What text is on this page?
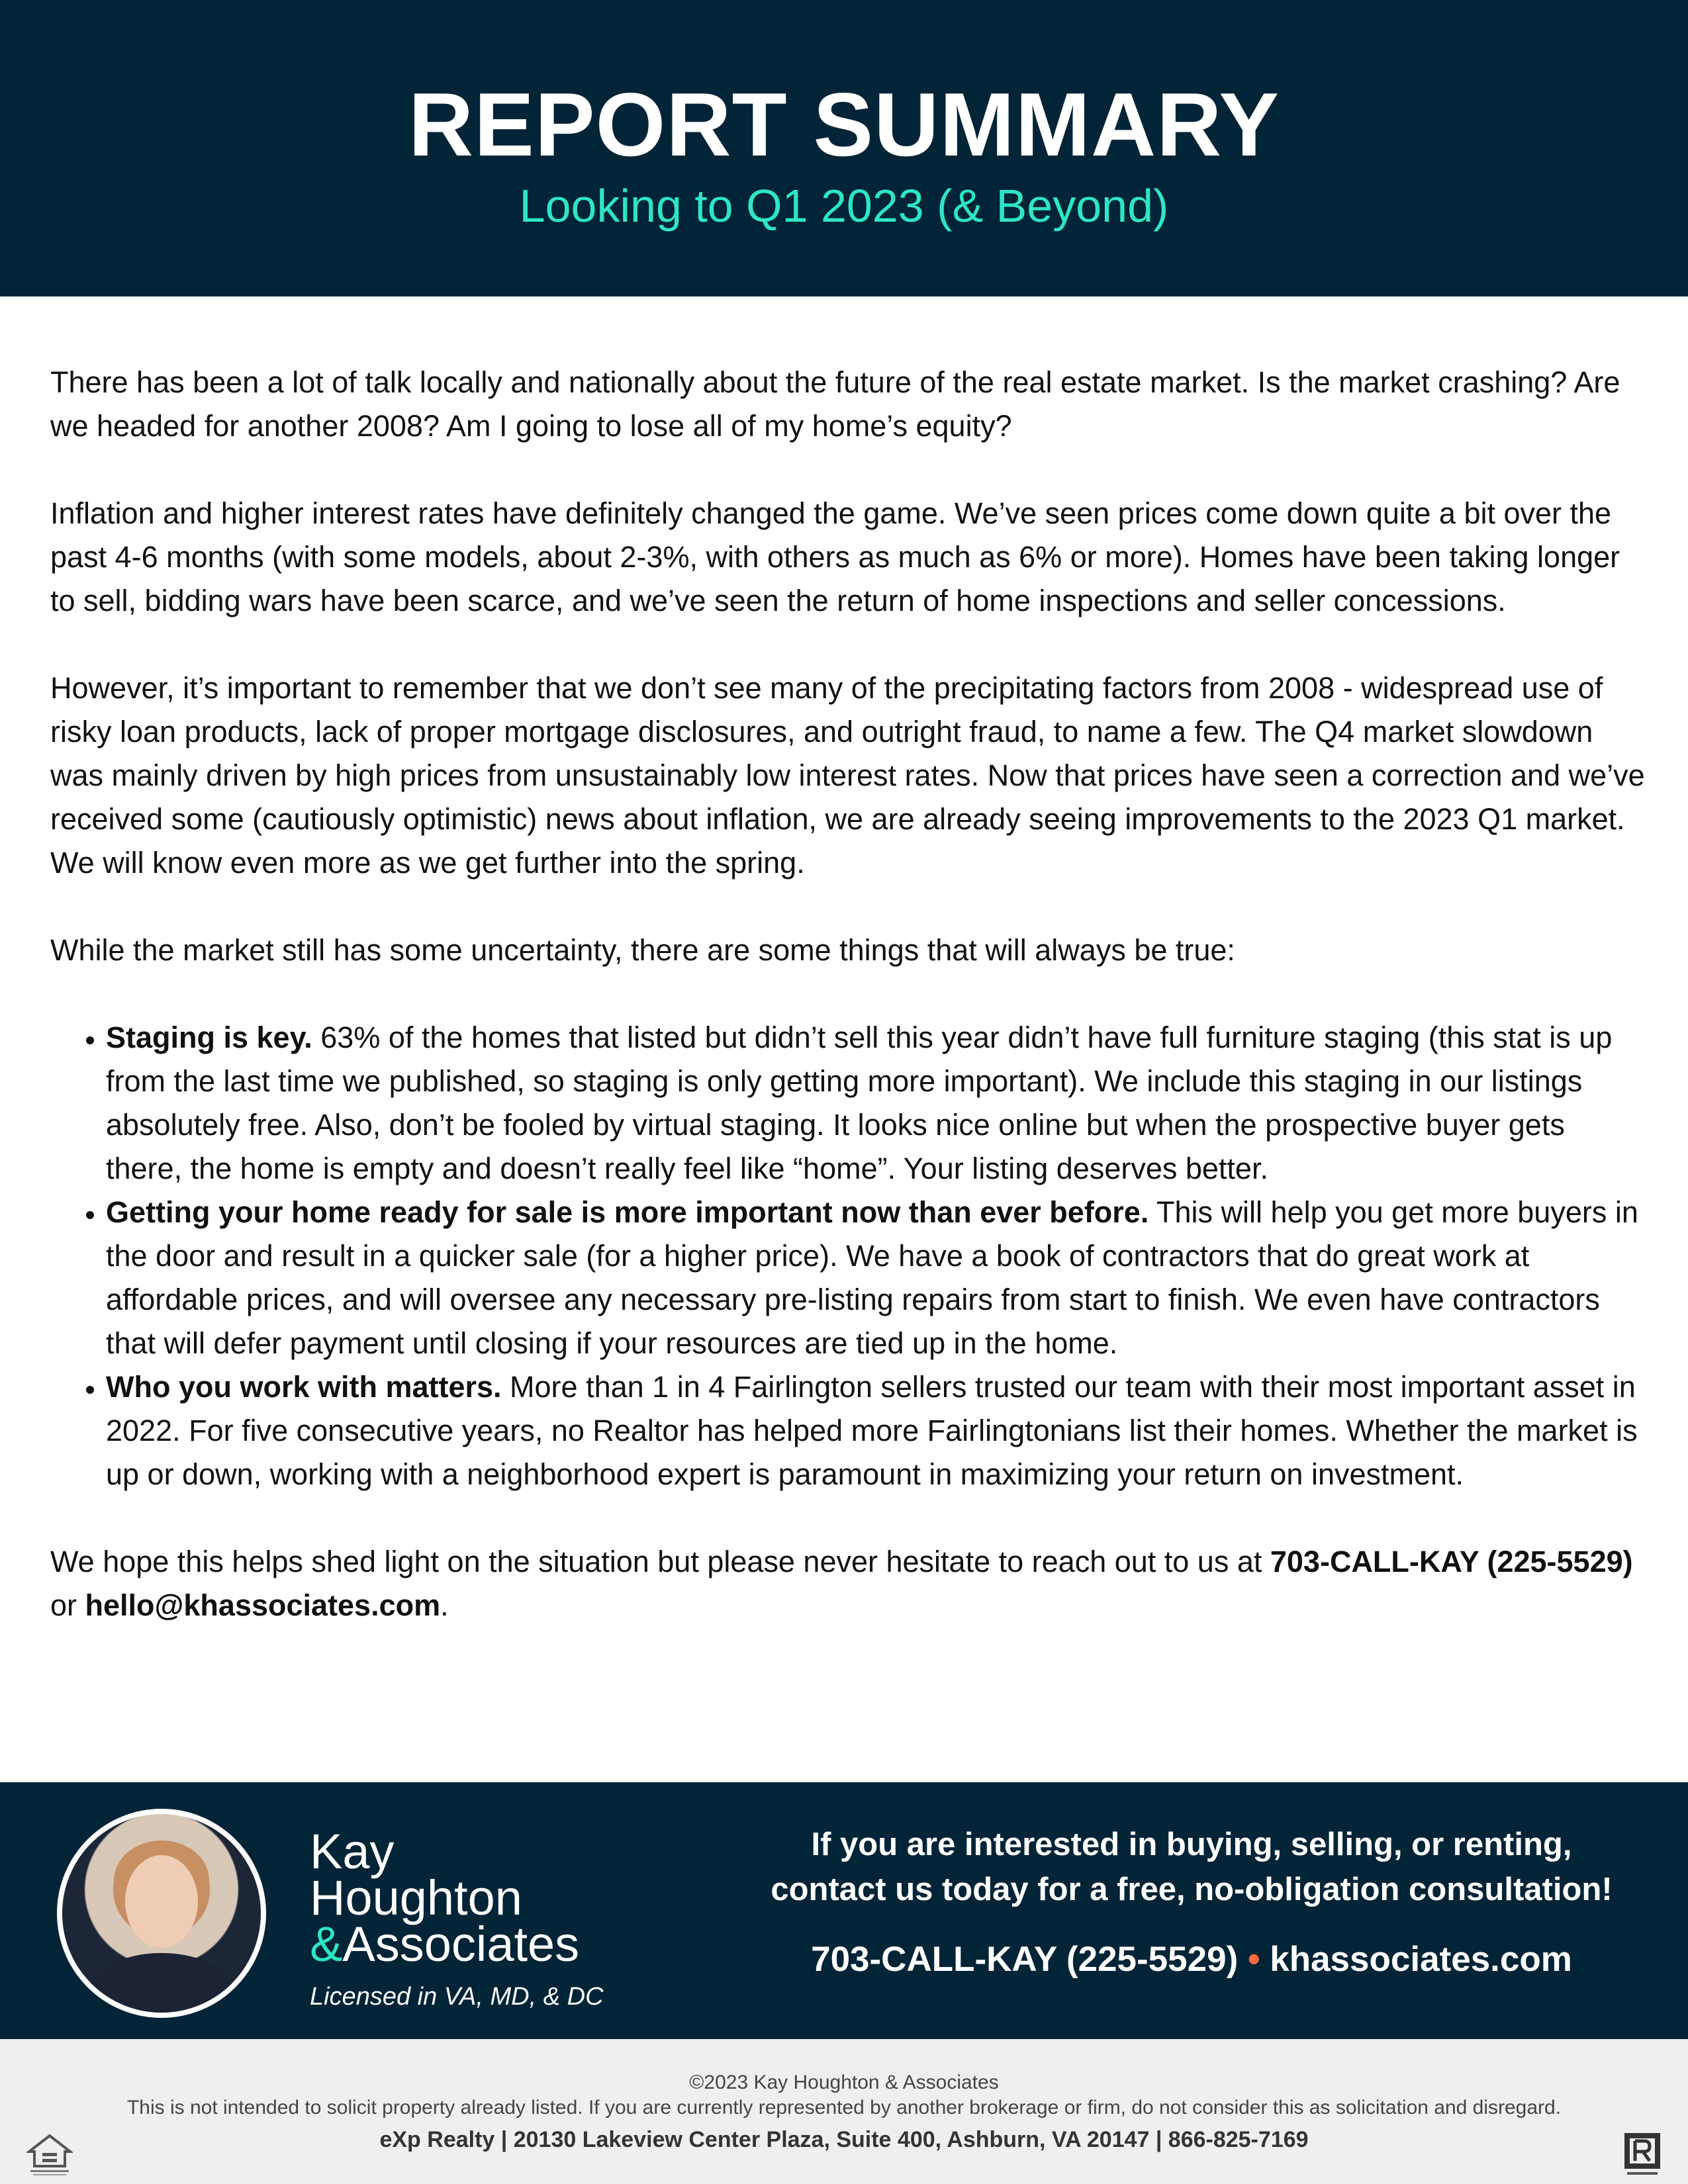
REPORT SUMMARY
Looking to Q1 2023 (& Beyond)

There has been a lot of talk locally and nationally about the future of the real estate market. Is the market crashing? Are we headed for another 2008? Am I going to lose all of my home’s equity?

Inflation and higher interest rates have definitely changed the game. We’ve seen prices come down quite a bit over the past 4-6 months (with some models, about 2-3%, with others as much as 6% or more). Homes have been taking longer to sell, bidding wars have been scarce, and we’ve seen the return of home inspections and seller concessions.

However, it’s important to remember that we don’t see many of the precipitating factors from 2008 - widespread use of risky loan products, lack of proper mortgage disclosures, and outright fraud, to name a few. The Q4 market slowdown was mainly driven by high prices from unsustainably low interest rates. Now that prices have seen a correction and we’ve received some (cautiously optimistic) news about inflation, we are already seeing improvements to the 2023 Q1 market. We will know even more as we get further into the spring.

While the market still has some uncertainty, there are some things that will always be true:

• Staging is key. 63% of the homes that listed but didn’t sell this year didn’t have full furniture staging (this stat is up from the last time we published, so staging is only getting more important). We include this staging in our listings absolutely free. Also, don’t be fooled by virtual staging. It looks nice online but when the prospective buyer gets there, the home is empty and doesn’t really feel like “home”. Your listing deserves better.
• Getting your home ready for sale is more important now than ever before. This will help you get more buyers in the door and result in a quicker sale (for a higher price). We have a book of contractors that do great work at affordable prices, and will oversee any necessary pre-listing repairs from start to finish. We even have contractors that will defer payment until closing if your resources are tied up in the home.
• Who you work with matters. More than 1 in 4 Fairlington sellers trusted our team with their most important asset in 2022. For five consecutive years, no Realtor has helped more Fairlingtonians list their homes. Whether the market is up or down, working with a neighborhood expert is paramount in maximizing your return on investment.

We hope this helps shed light on the situation but please never hesitate to reach out to us at 703-CALL-KAY (225-5529) or hello@khassociates.com.

Kay
Houghton
&Associates
Licensed in VA, MD, & DC
If you are interested in buying, selling, or renting,
contact us today for a free, no-obligation consultation!
703-CALL-KAY (225-5529) • khassociates.com
©2023 Kay Houghton & Associates
This is not intended to solicit property already listed. If you are currently represented by another brokerage or firm, do not consider this as solicitation and disregard.
eXp Realty | 20130 Lakeview Center Plaza, Suite 400, Ashburn, VA 20147 | 866-825-7169
